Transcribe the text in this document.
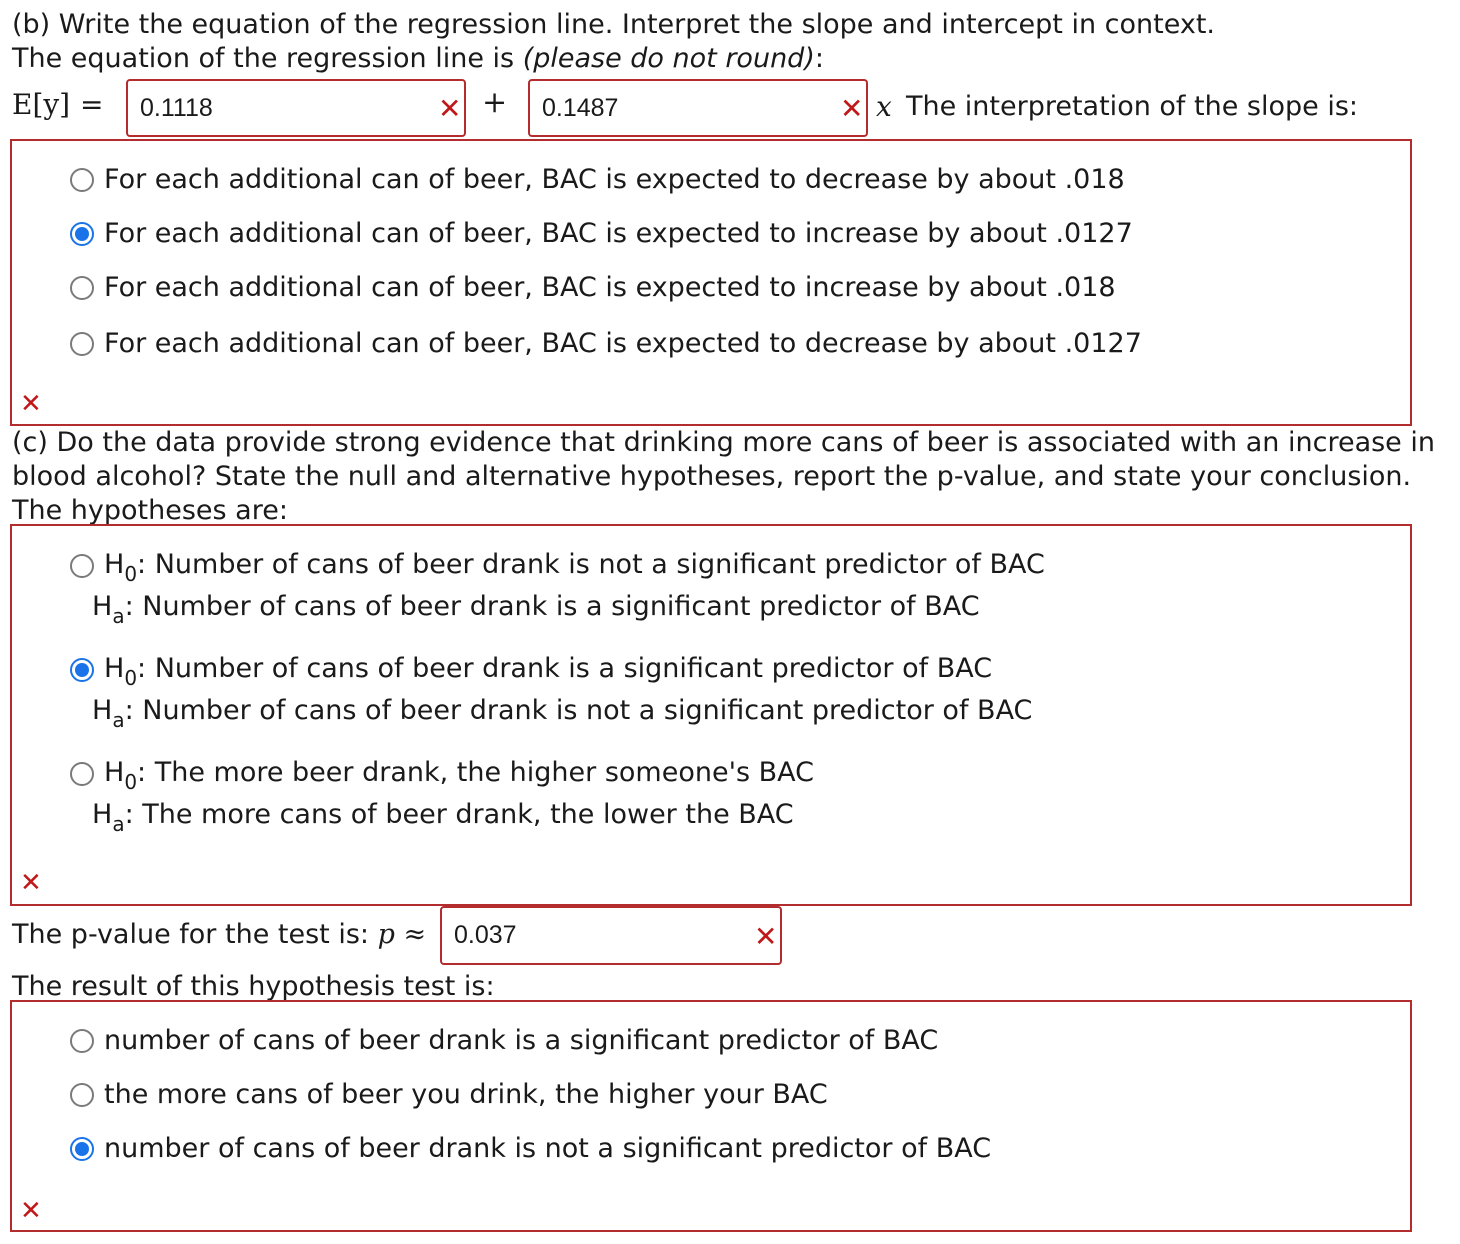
(b) Write the equation of the regression line. Interpret the slope and intercept in context.
The equation of the regression line is (please do not round):
E[y] =
0.1118	✕ +
0.1487	✕ x The interpretation of the slope is:
For each additional can of beer, BAC is expected to decrease by about .018
For each additional can of beer, BAC is expected to increase by about .0127
For each additional can of beer, BAC is expected to increase by about .018
For each additional can of beer, BAC is expected to decrease by about .0127
✕
(c) Do the data provide strong evidence that drinking more cans of beer is associated with an increase in
blood alcohol? State the null and alternative hypotheses, report the p-value, and state your conclusion.
The hypotheses are:
$H_0$: Number of cans of beer drank is not a significant predictor of BAC
$H_a$: Number of cans of beer drank is a significant predictor of BAC
$H_0$: Number of cans of beer drank is a significant predictor of BAC
$H_a$: Number of cans of beer drank is not a significant predictor of BAC
$H_0$: The more beer drank, the higher someone's BAC
$H_a$: The more cans of beer drank, the lower the BAC
✕
The p-value for the test is: p ≈
0.037	✕
The result of this hypothesis test is:
number of cans of beer drank is a significant predictor of BAC
the more cans of beer you drink, the higher your BAC
number of cans of beer drank is not a significant predictor of BAC
✕
